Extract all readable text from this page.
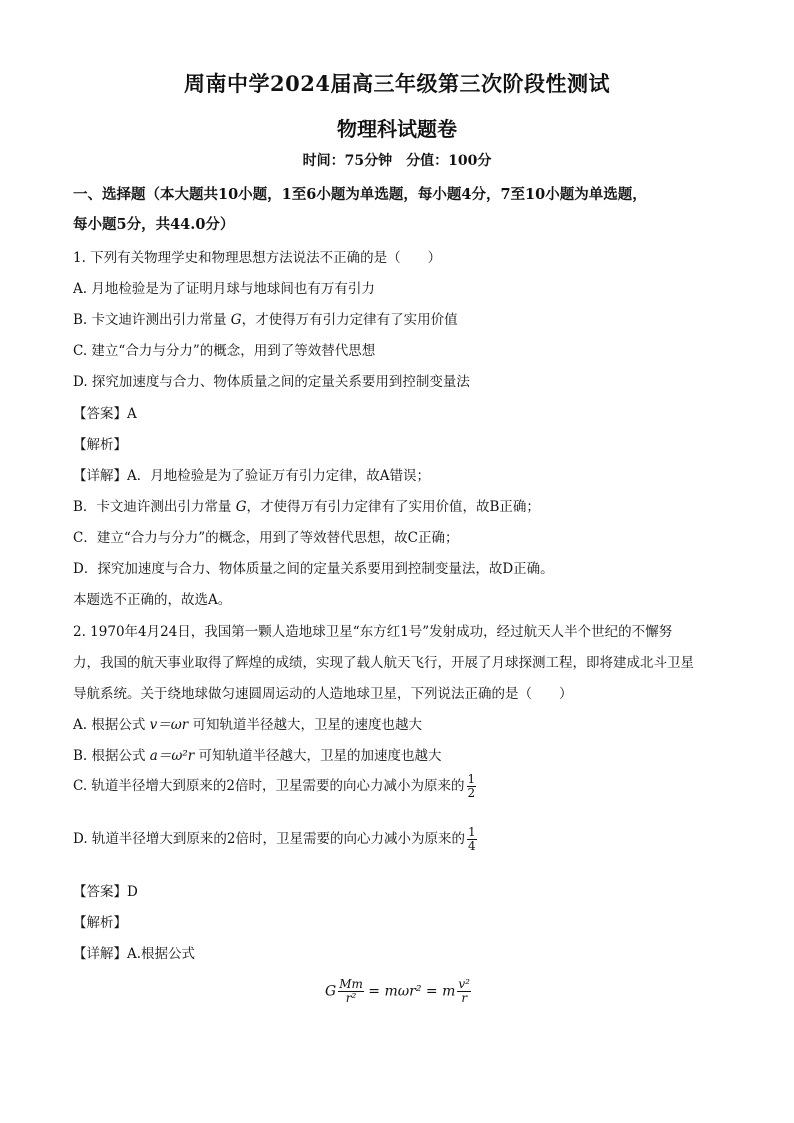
周南中学2024届高三年级第三次阶段性测试
物理科试题卷
时间：75分钟　分值：100分
一、选择题（本大题共10小题，1至6小题为单选题，每小题4分，7至10小题为单选题，
每小题5分，共44.0分）
1. 下列有关物理学史和物理思想方法说法不正确的是（　　）
A. 月地检验是为了证明月球与地球间也有万有引力
B. 卡文迪许测出引力常量 G，才使得万有引力定律有了实用价值
C. 建立“合力与分力”的概念，用到了等效替代思想
D. 探究加速度与合力、物体质量之间的定量关系要用到控制变量法
【答案】A
【解析】
【详解】A．月地检验是为了验证万有引力定律，故A错误；
B．卡文迪许测出引力常量 G，才使得万有引力定律有了实用价值，故B正确；
C．建立“合力与分力”的概念，用到了等效替代思想，故C正确；
D．探究加速度与合力、物体质量之间的定量关系要用到控制变量法，故D正确。
本题选不正确的，故选A。
2. 1970年4月24日，我国第一颗人造地球卫星“东方红1号”发射成功，经过航天人半个世纪的不懈努
力，我国的航天事业取得了辉煌的成绩，实现了载人航天飞行，开展了月球探测工程，即将建成北斗卫星
导航系统。关于绕地球做匀速圆周运动的人造地球卫星，下列说法正确的是（　　）
A. 根据公式 v＝ωr 可知轨道半径越大，卫星的速度也越大
B. 根据公式 a＝ω²r 可知轨道半径越大，卫星的加速度也越大
C. 轨道半径增大到原来的2倍时，卫星需要的向心力减小为原来的 $\frac{1}{2}$
D. 轨道半径增大到原来的2倍时，卫星需要的向心力减小为原来的 $\frac{1}{4}$
【答案】D
【解析】
【详解】A.根据公式
G $\frac{Mm}{\text{r²}} = m\omega r^2 = m \frac{\text{v²}}{r}$
